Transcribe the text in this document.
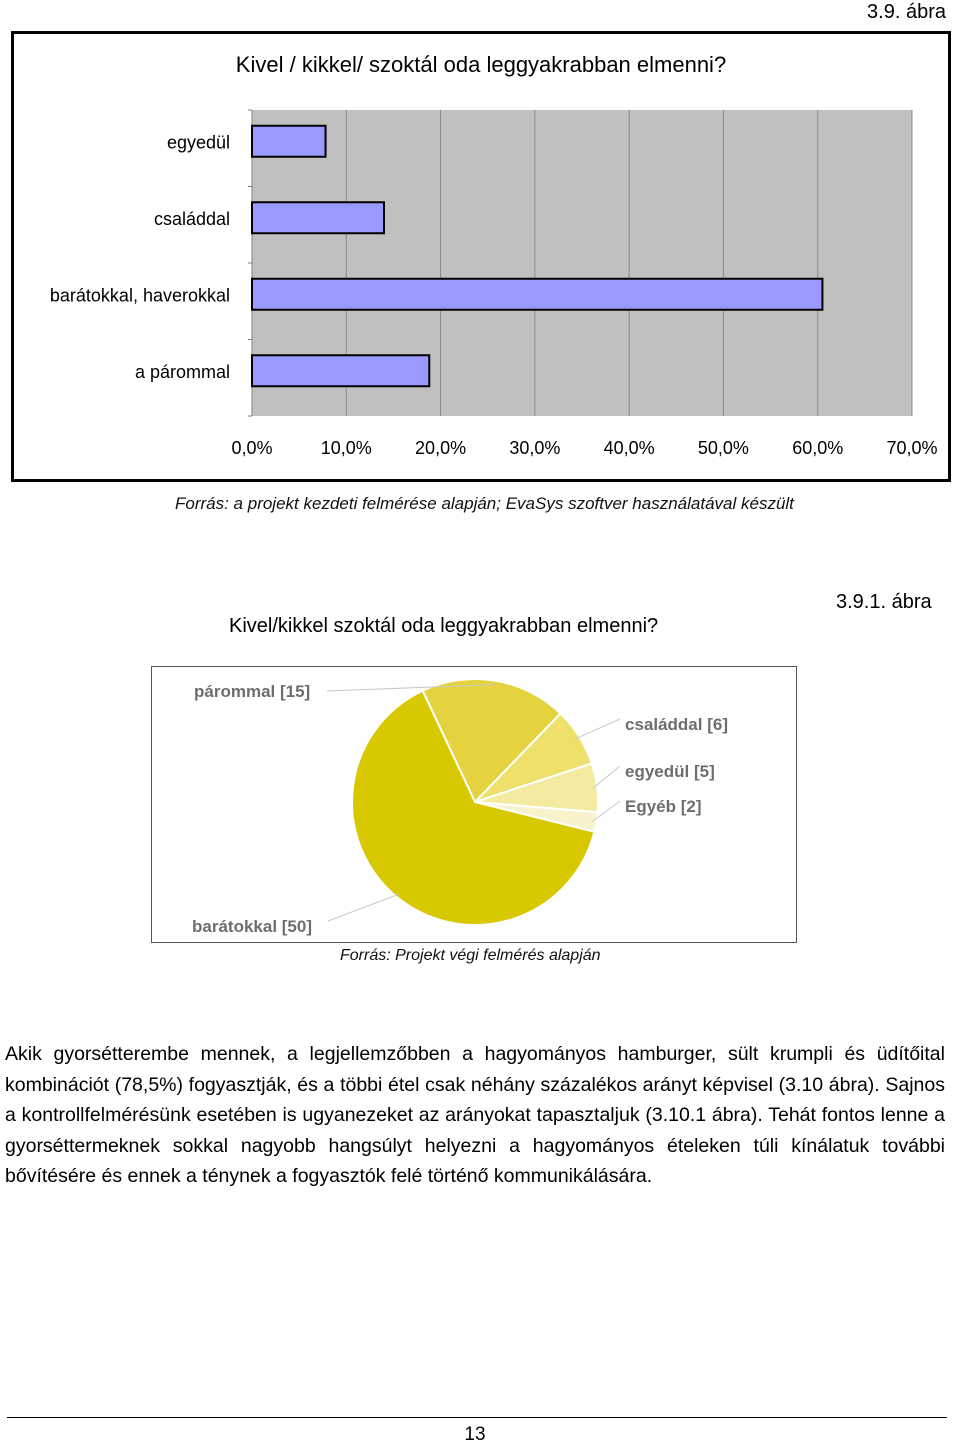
3.9. ábra
Kivel / kikkel/ szoktál oda leggyakrabban elmenni?
0,0%	10,0% 20,0% 30,0% 40,0% 50,0% 60,0% 70,0%
egyedül
családdal
barátokkal, haverokkal
a párommal
Forrás: a projekt kezdeti felmérése alapján; EvaSys szoftver használatával készült
Kivel/kikkel szoktál oda leggyakrabban elmenni?
3.9.1. ábra
párommal [15]
családdal [6]
egyedül [5]
Egyéb [2]
barátokkal [50]
Forrás: Projekt végi felmérés alapján
Akik gyorsétterembe mennek, a legjellemzőbben a hagyományos hamburger, sült krumpli és üdítőital kombinációt (78,5%) fogyasztják, és a többi étel csak néhány százalékos arányt képvisel (3.10 ábra). Sajnos a kontrollfelmérésünk esetében is ugyanezeket az arányokat tapasztaljuk (3.10.1 ábra). Tehát fontos lenne a gyorséttermeknek sokkal nagyobb hangsúlyt helyezni a hagyományos ételeken túli kínálatuk további bővítésére és ennek a ténynek a fogyasztók felé történő kommunikálására.
13
